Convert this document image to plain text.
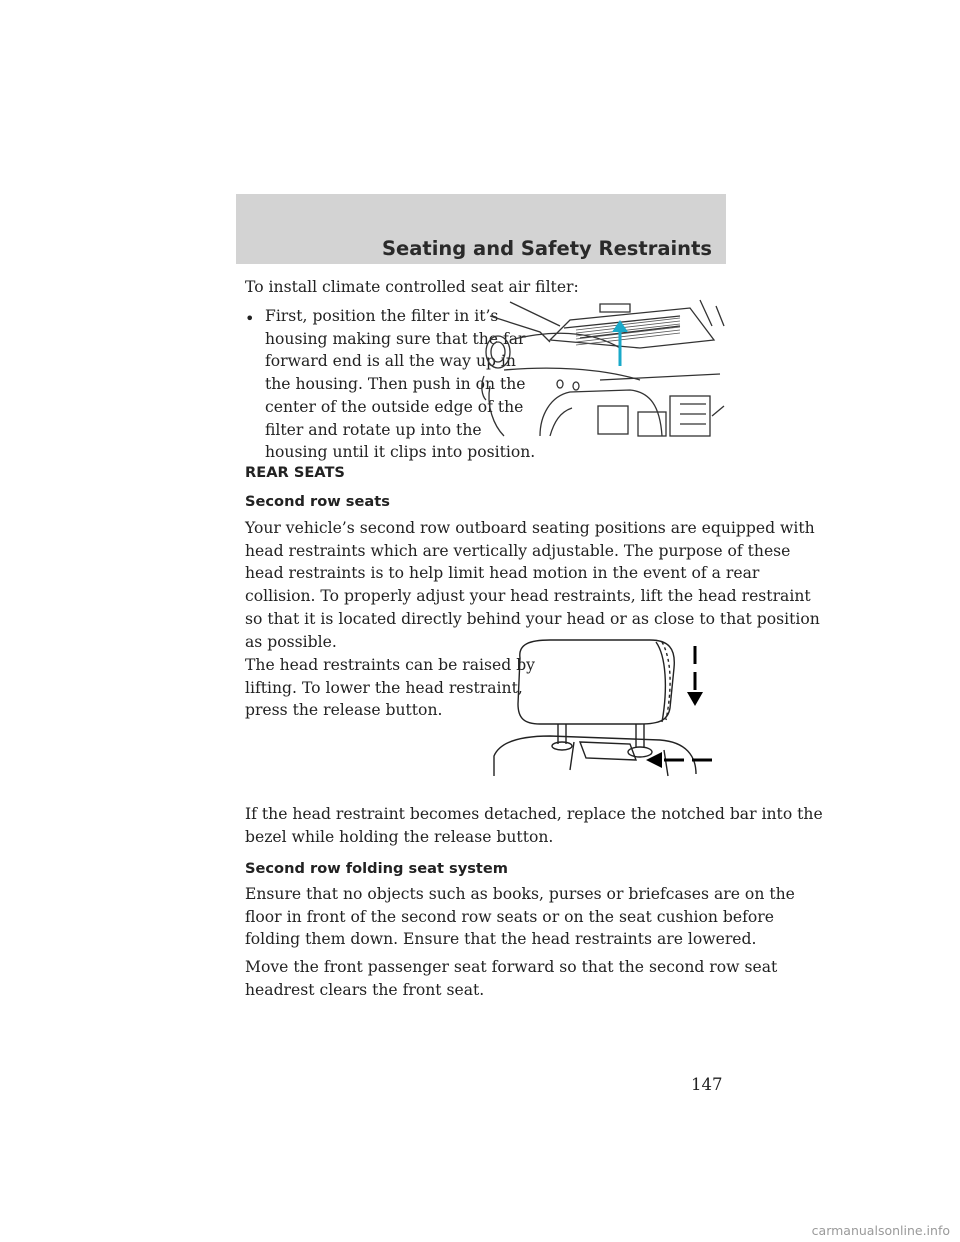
Seating and Safety Restraints
To install climate controlled seat air filter:
• First, position the filter in it’s
housing making sure that the far
forward end is all the way up in
the housing. Then push in on the
center of the outside edge of the
filter and rotate up into the
housing until it clips into position.
REAR SEATS
Second row seats
Your vehicle’s second row outboard seating positions are equipped with
head restraints which are vertically adjustable. The purpose of these
head restraints is to help limit head motion in the event of a rear
collision. To properly adjust your head restraints, lift the head restraint
so that it is located directly behind your head or as close to that position
as possible.
The head restraints can be raised by
lifting. To lower the head restraint,
press the release button.
If the head restraint becomes detached, replace the notched bar into the
bezel while holding the release button.
Second row folding seat system
Ensure that no objects such as books, purses or briefcases are on the
floor in front of the second row seats or on the seat cushion before
folding them down. Ensure that the head restraints are lowered.
Move the front passenger seat forward so that the second row seat
headrest clears the front seat.
147
carmanualsonline.info
